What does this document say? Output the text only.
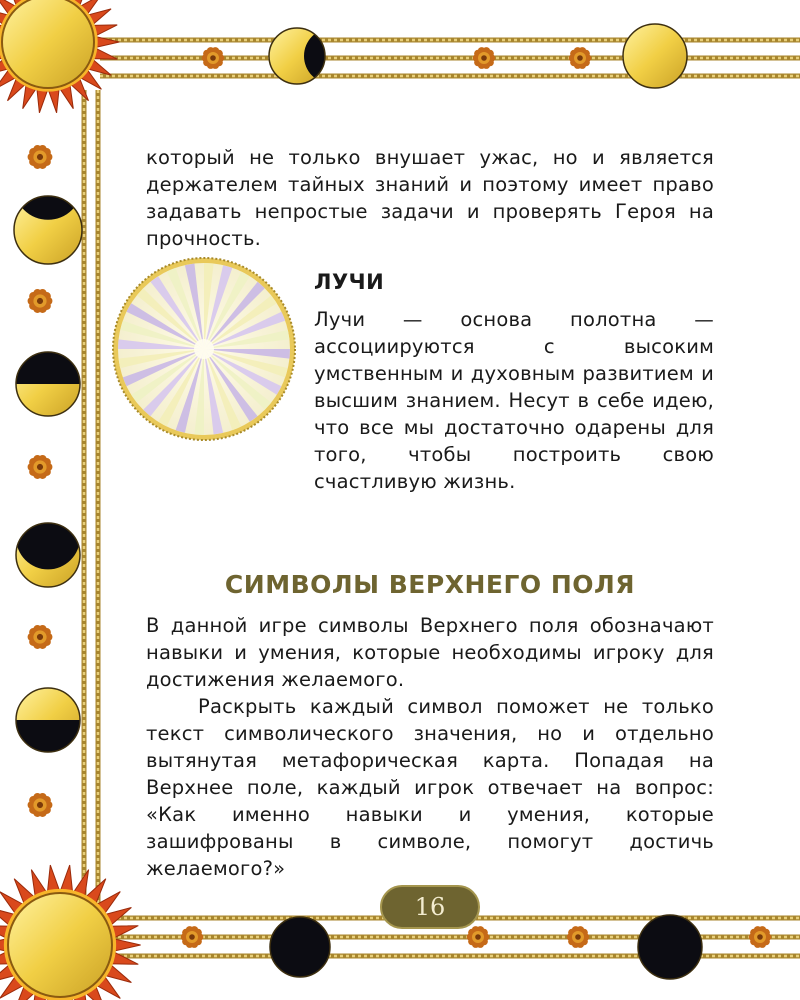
который не только внушает ужас, но и является держателем тайных знаний и поэтому имеет право задавать непростые задачи и проверять Героя на прочность.

ЛУЧИ

Лучи — основа полотна — ассоциируются с высоким умственным и духовным развитием и высшим знанием. Несут в себе идею, что все мы достаточно одарены для того, чтобы построить свою счастливую жизнь.

СИМВОЛЫ ВЕРХНЕГО ПОЛЯ

В данной игре символы Верхнего поля обозначают навыки и умения, которые необходимы игроку для достижения желаемого.

Раскрыть каждый символ поможет не только текст символического значения, но и отдельно вытянутая метафорическая карта. Попадая на Верхнее поле, каждый игрок отвечает на вопрос: «Как именно навыки и умения, которые зашифрованы в символе, помогут достичь желаемого?»

16
